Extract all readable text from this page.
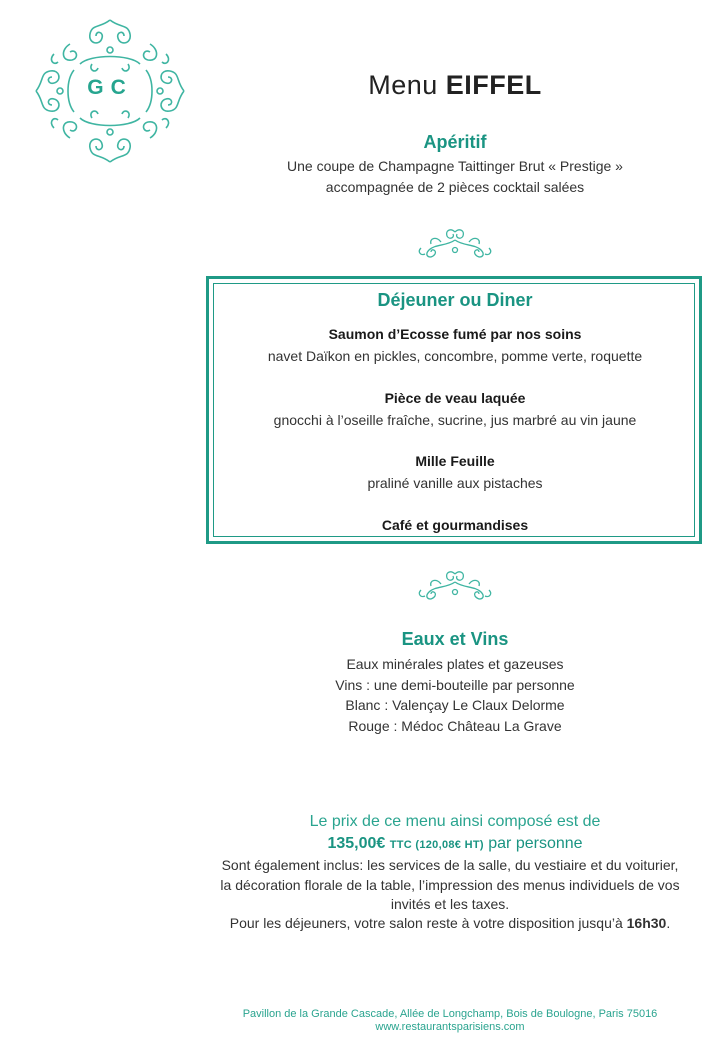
GC	Menu EIFFEL
Apéritif
Une coupe de Champagne Taittinger Brut « Prestige »
accompagnée de 2 pièces cocktail salées
Déjeuner ou Diner
Saumon d’Ecosse fumé par nos soins
navet Daïkon en pickles, concombre, pomme verte, roquette
Pièce de veau laquée
gnocchi à l’oseille fraîche, sucrine, jus marbré au vin jaune
Mille Feuille
praliné vanille aux pistaches
Café et gourmandises
Eaux et Vins
Eaux minérales plates et gazeuses
Vins : une demi-bouteille par personne
Blanc : Valençay Le Claux Delorme
Rouge : Médoc Château La Grave
Le prix de ce menu ainsi composé est de
135,00€ TTC (120,08€ HT) par personne
Sont également inclus: les services de la salle, du vestiaire et du voiturier,
la décoration florale de la table, l’impression des menus individuels de vos
invités et les taxes.
Pour les déjeuners, votre salon reste à votre disposition jusqu’à 16h30.
Pavillon de la Grande Cascade, Allée de Longchamp, Bois de Boulogne, Paris 75016
www.restaurantsparisiens.com
